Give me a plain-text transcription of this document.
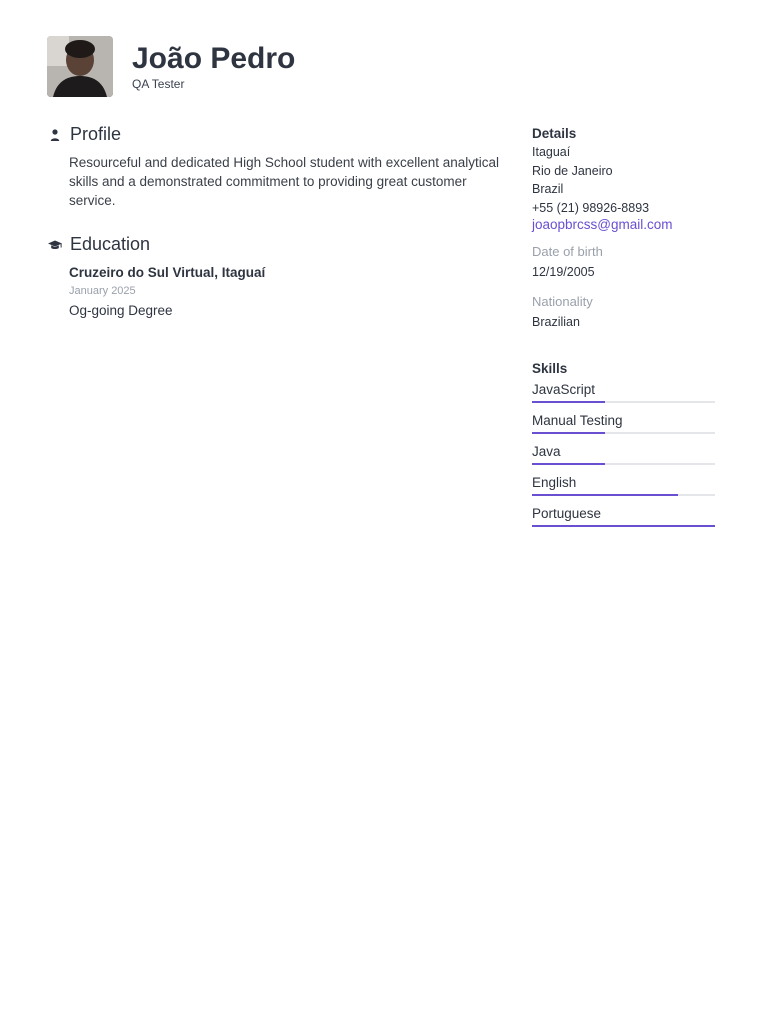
João Pedro
QA Tester
Profile
Resourceful and dedicated High School student with excellent analytical skills and a demonstrated commitment to providing great customer service.
Education
Cruzeiro do Sul Virtual, Itaguaí
January 2025
Og-going Degree
Details
Itaguaí
Rio de Janeiro
Brazil
+55 (21) 98926-8893
joaopbrcss@gmail.com
Date of birth
12/19/2005
Nationality
Brazilian
Skills
JavaScript
Manual Testing
Java
English
Portuguese
